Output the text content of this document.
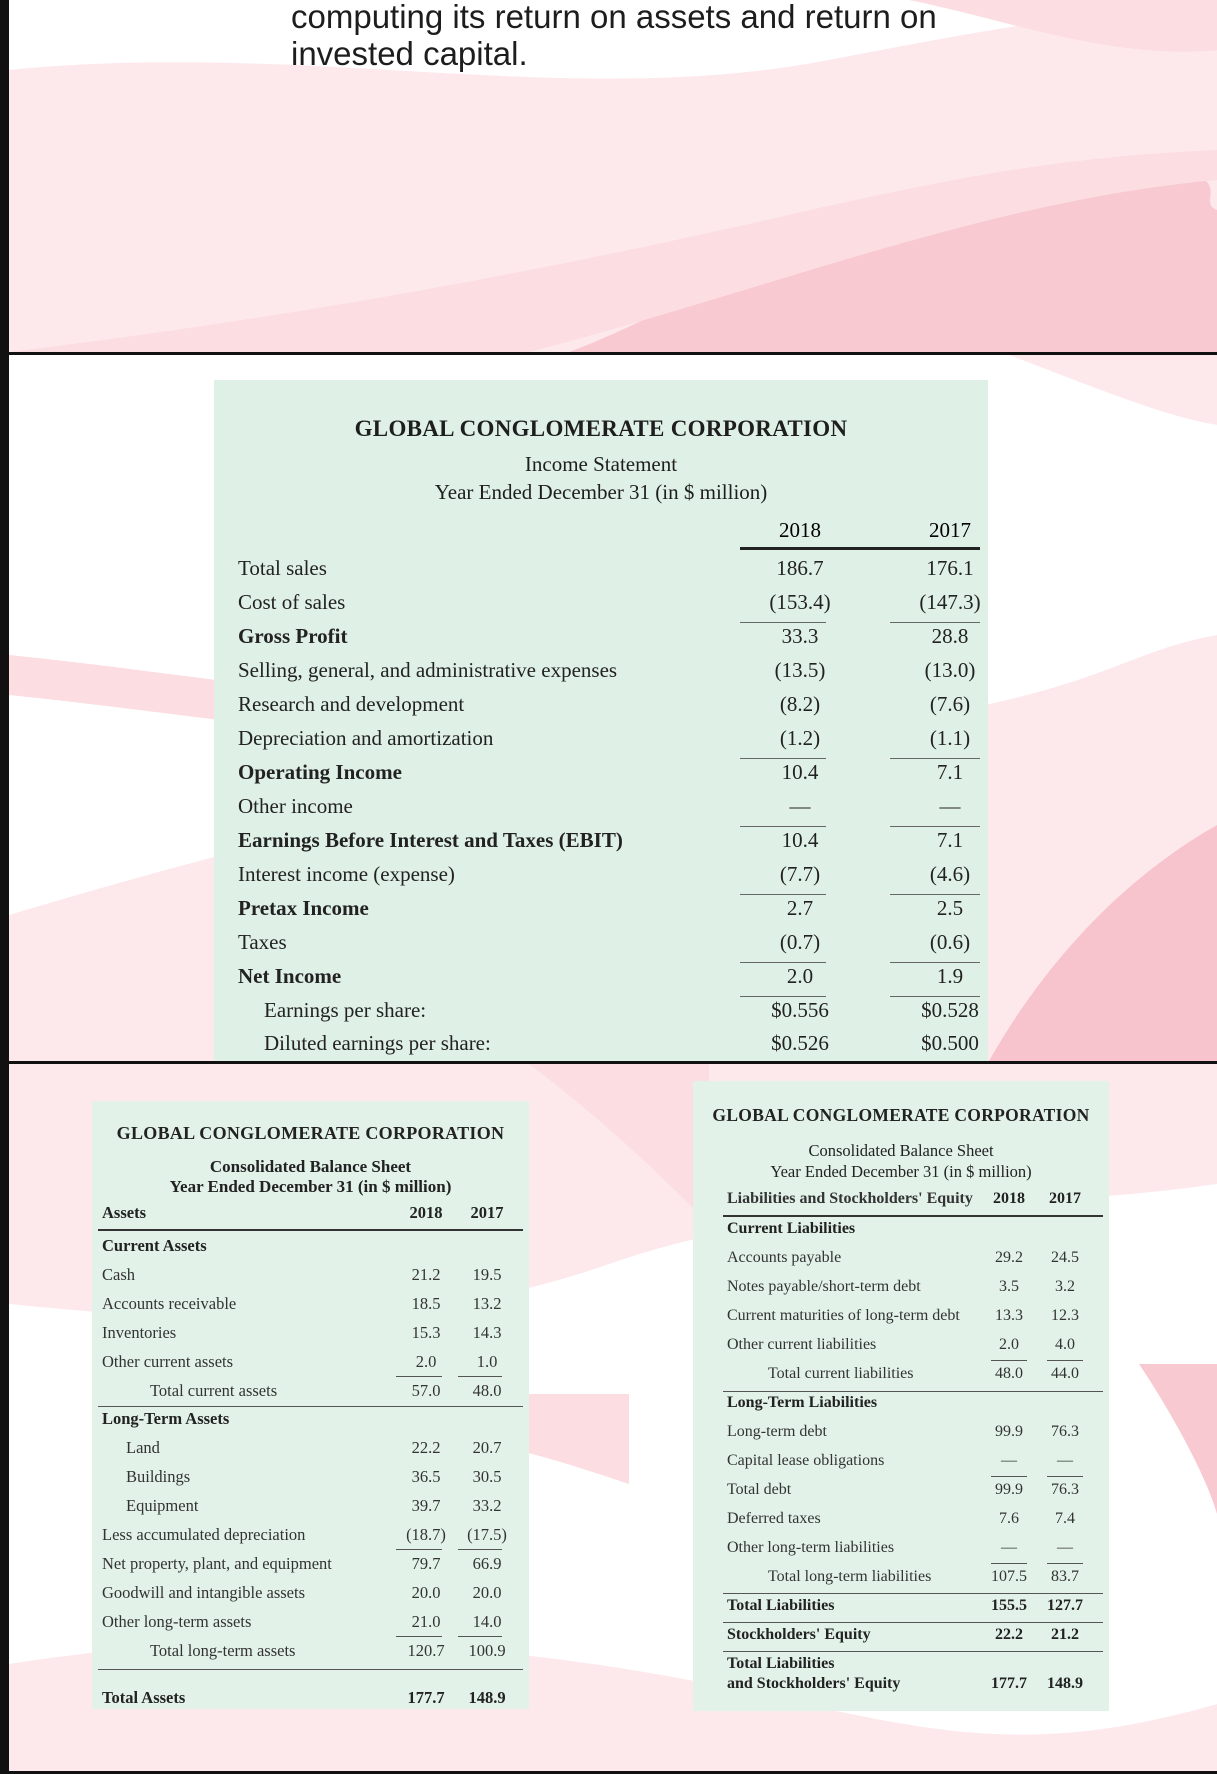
computing its return on assets and return on
invested capital.
GLOBAL CONGLOMERATE CORPORATION
Income Statement
Year Ended December 31 (in $ million)
2018	2017
Total sales	186.7	176.1
Cost of sales	(153.4)	(147.3)
Gross Profit	33.3	28.8
Selling, general, and administrative expenses	(13.5)	(13.0)
Research and development	(8.2)	(7.6)
Depreciation and amortization	(1.2)	(1.1)
Operating Income	10.4	7.1
Other income	—	—
Earnings Before Interest and Taxes (EBIT)	10.4	7.1
Interest income (expense)	(7.7)	(4.6)
Pretax Income	2.7	2.5
Taxes	(0.7)	(0.6)
Net Income	2.0	1.9
Earnings per share:	$0.556	$0.528
Diluted earnings per share:	$0.526	$0.500
GLOBAL CONGLOMERATE CORPORATION
Consolidated Balance Sheet
Year Ended December 31 (in $ million)
Assets	2018	2017
Current Assets
Cash	21.2	19.5
Accounts receivable	18.5	13.2
Inventories	15.3	14.3
Other current assets	2.0	1.0
Total current assets	57.0	48.0
Long-Term Assets
Land	22.2	20.7
Buildings	36.5	30.5
Equipment	39.7	33.2
Less accumulated depreciation	(18.7)	(17.5)
Net property, plant, and equipment	79.7	66.9
Goodwill and intangible assets	20.0	20.0
Other long-term assets	21.0	14.0
Total long-term assets	120.7	100.9
Total Assets	177.7	148.9
GLOBAL CONGLOMERATE CORPORATION
Consolidated Balance Sheet
Year Ended December 31 (in $ million)
Liabilities and Stockholders' Equity	2018	2017
Current Liabilities
Accounts payable	29.2	24.5
Notes payable/short-term debt	3.5	3.2
Current maturities of long-term debt	13.3	12.3
Other current liabilities	2.0	4.0
Total current liabilities	48.0	44.0
Long-Term Liabilities
Long-term debt	99.9	76.3
Capital lease obligations	—	—
Total debt	99.9	76.3
Deferred taxes	7.6	7.4
Other long-term liabilities	—	—
Total long-term liabilities	107.5	83.7
Total Liabilities	155.5	127.7
Stockholders' Equity	22.2	21.2
Total Liabilities
and Stockholders' Equity	177.7	148.9
